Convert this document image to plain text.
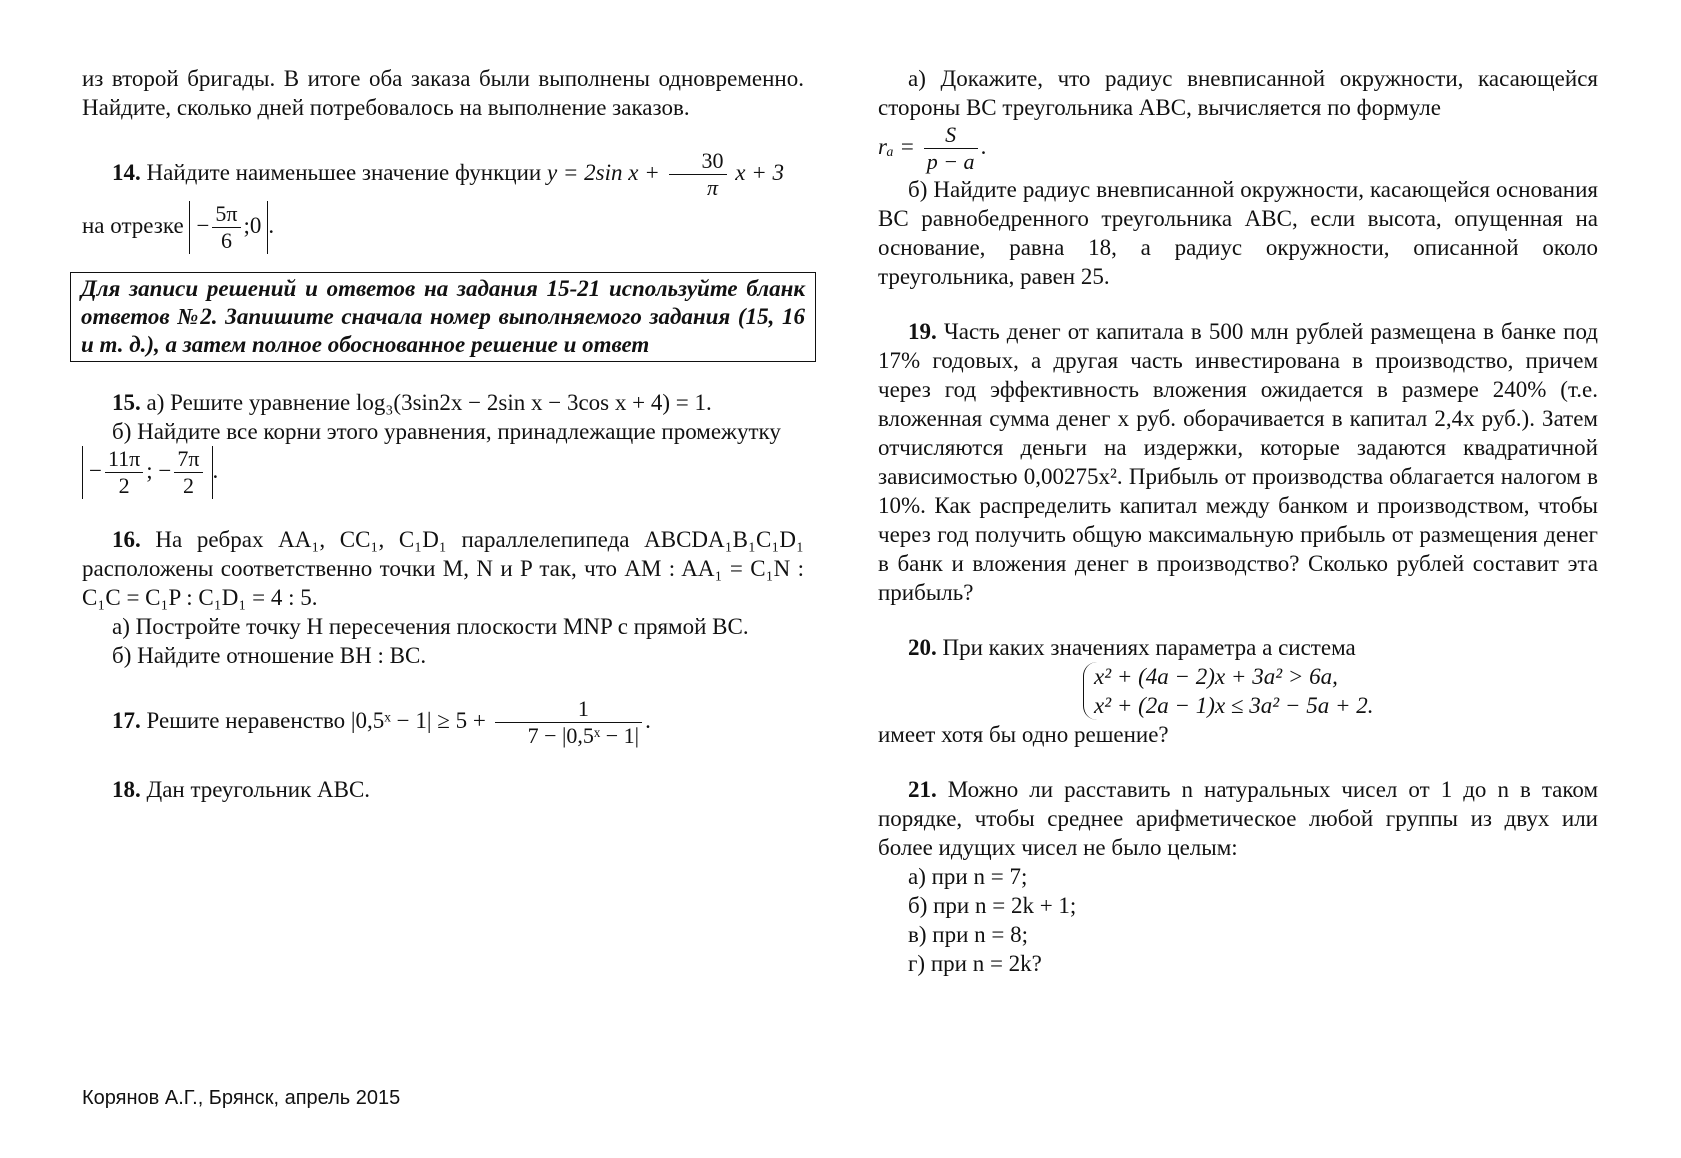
из второй бригады. В итоге оба заказа были выполнены одновременно. Найдите, сколько дней потребовалось на выполнение заказов.

14. Найдите наименьшее значение функции y = 2sin $x + \frac{30}{\pi}$ x + 3

на отрезке − $\frac{5\pi}{6}$ ;0 .

Для записи решений и ответов на задания 15-21 используйте бланк ответов №2. Запишите сначала номер выполняемого задания (15, 16 и т. д.), а затем полное обоснованное решение и ответ

15. а) Решите уравнение log₃(3sin2x − 2sin x − 3cos x + 4) = 1.

б) Найдите все корни этого уравнения, принадлежащие промежутку

− $\frac{11\pi}{2}$ ; − $\frac{7\pi}{2}$ .

16. На ребрах AA₁, CC₁, C₁D₁ параллелепипеда ABCDA₁B₁C₁D₁ расположены соответственно точки M, N и P так, что AM : AA₁ = C₁N : C₁C = C₁P : C₁D₁ = 4 : 5.

а) Постройте точку H пересечения плоскости MNP с прямой BC.

б) Найдите отношение BH : BC.

17. Решите неравенство |0,5ˣ − $1| \ge 5 + \frac{1}{\text{7 − |0,5ˣ − 1|}}$ .

18. Дан треугольник ABC.

а) Докажите, что радиус вневписанной окружности, касающейся стороны BC треугольника ABC, вычисляется по формуле

$r_a = \frac{S}{p - a}$ .

б) Найдите радиус вневписанной окружности, касающейся основания BC равнобедренного треугольника ABC, если высота, опущенная на основание, равна 18, а радиус окружности, описанной около треугольника, равен 25.

19. Часть денег от капитала в 500 млн рублей размещена в банке под 17% годовых, а другая часть инвестирована в производство, причем через год эффективность вложения ожидается в размере 240% (т.е. вложенная сумма денег x руб. оборачивается в капитал 2,4x руб.). Затем отчисляются деньги на издержки, которые задаются квадратичной зависимостью 0,00275x². Прибыль от производства облагается налогом в 10%. Как распределить капитал между банком и производством, чтобы через год получить общую максимальную прибыль от размещения денег в банк и вложения денег в производство? Сколько рублей составит эта прибыль?

20. При каких значениях параметра a система

x² + (4a − 2)x + 3a² > 6a,
x² + (2a − 1)x ≤ 3a² − 5a + 2.

имеет хотя бы одно решение?

21. Можно ли расставить n натуральных чисел от 1 до n в таком порядке, чтобы среднее арифметическое любой группы из двух или более идущих чисел не было целым:

а) при n = 7;

б) при n = 2k + 1;

в) при n = 8;

г) при n = 2k?

Корянов А.Г., Брянск, апрель 2015
